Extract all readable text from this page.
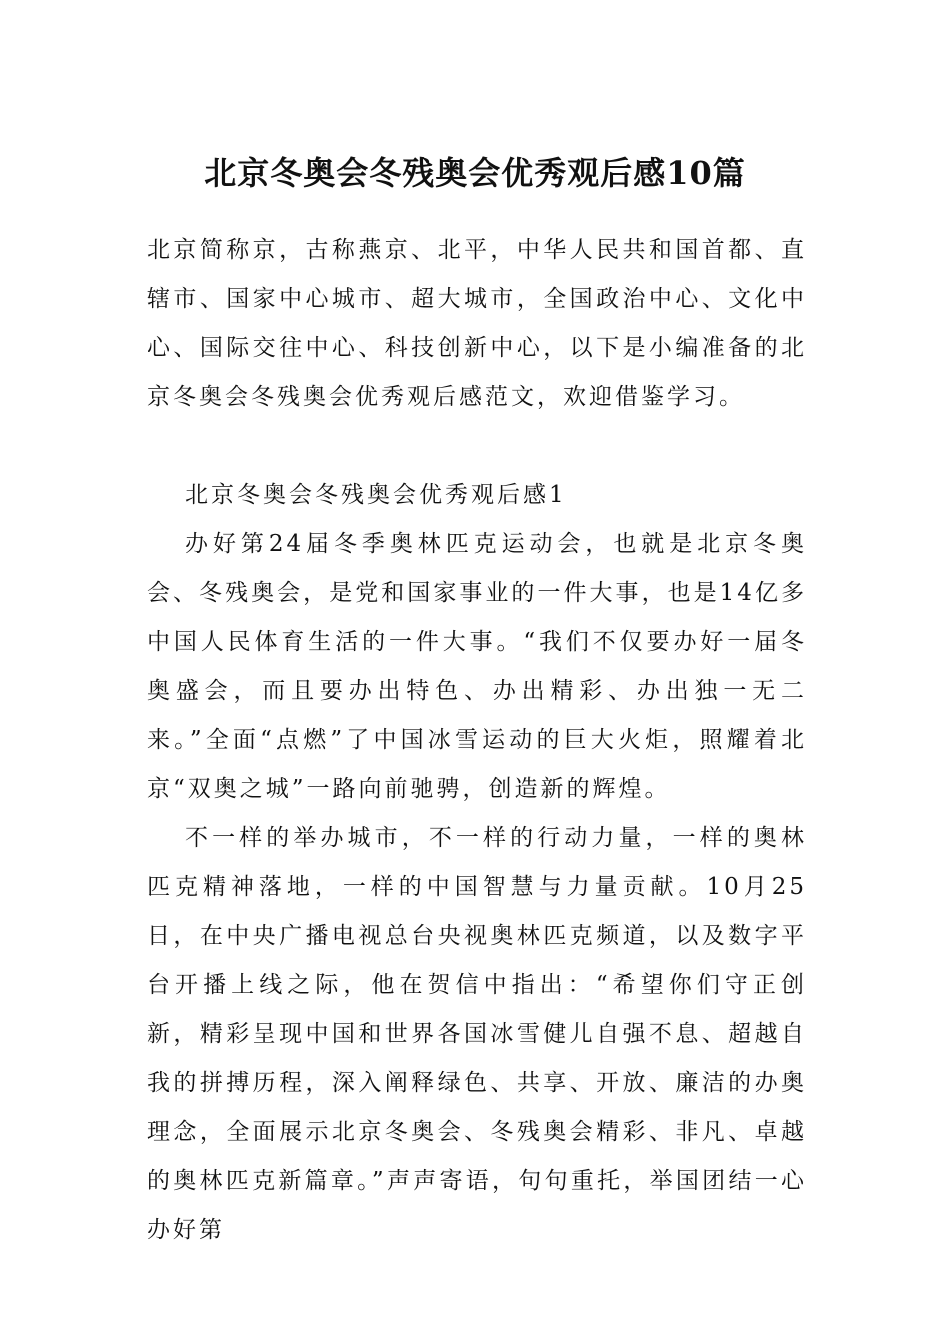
北京冬奥会冬残奥会优秀观后感10篇

北京简称京，古称燕京、北平，中华人民共和国首都、直辖市、国家中心城市、超大城市，全国政治中心、文化中心、国际交往中心、科技创新中心，以下是小编准备的北京冬奥会冬残奥会优秀观后感范文，欢迎借鉴学习。

北京冬奥会冬残奥会优秀观后感1

办好第24届冬季奥林匹克运动会，也就是北京冬奥会、冬残奥会，是党和国家事业的一件大事，也是14亿多中国人民体育生活的一件大事。“我们不仅要办好一届冬奥盛会，而且要办出特色、办出精彩、办出独一无二来。”全面“点燃”了中国冰雪运动的巨大火炬，照耀着北京“双奥之城”一路向前驰骋，创造新的辉煌。

不一样的举办城市，不一样的行动力量，一样的奥林匹克精神落地，一样的中国智慧与力量贡献。10月25日，在中央广播电视总台央视奥林匹克频道，以及数字平台开播上线之际，他在贺信中指出：“希望你们守正创新，精彩呈现中国和世界各国冰雪健儿自强不息、超越自我的拼搏历程，深入阐释绿色、共享、开放、廉洁的办奥理念，全面展示北京冬奥会、冬残奥会精彩、非凡、卓越的奥林匹克新篇章。”声声寄语，句句重托，举国团结一心办好第
